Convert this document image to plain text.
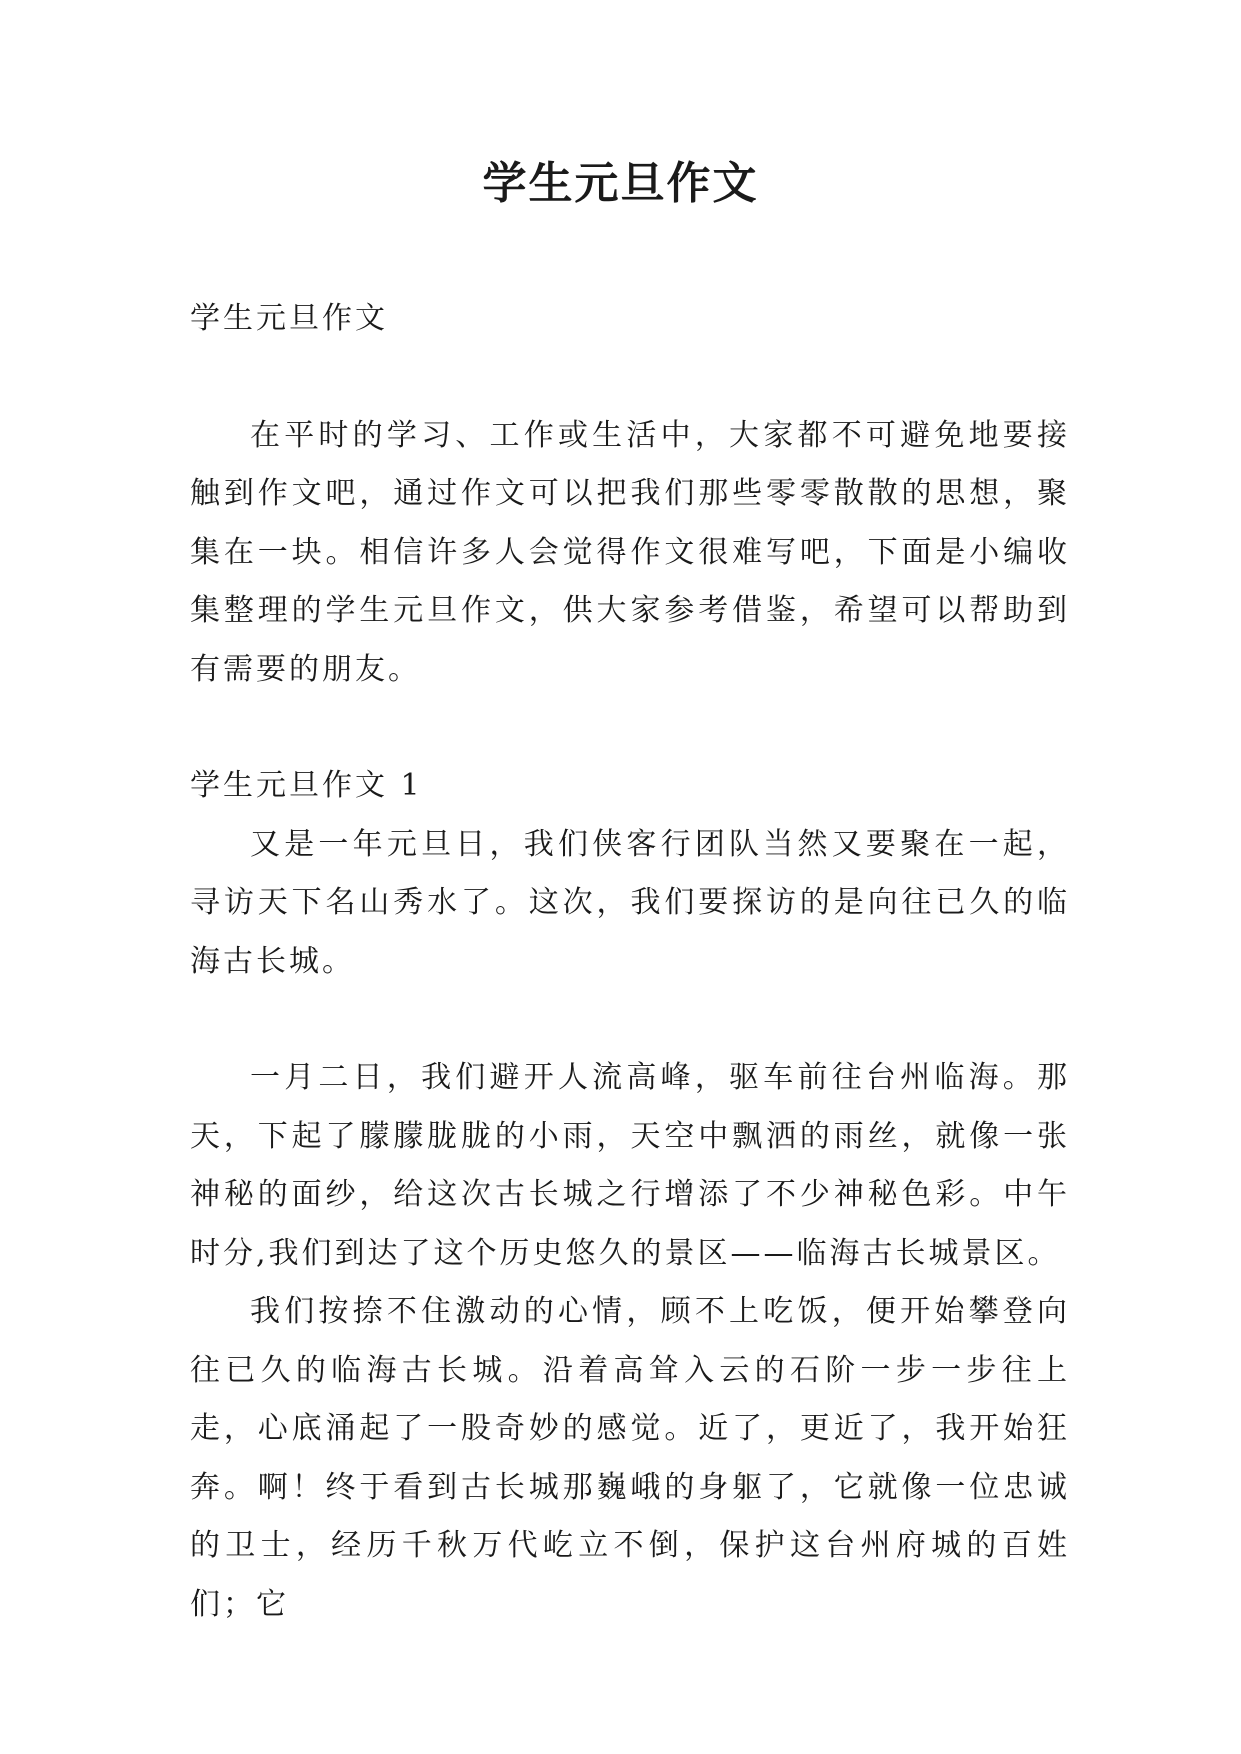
学生元旦作文

学生元旦作文

在平时的学习、工作或生活中，大家都不可避免地要接触到作文吧，通过作文可以把我们那些零零散散的思想，聚集在一块。相信许多人会觉得作文很难写吧，下面是小编收集整理的学生元旦作文，供大家参考借鉴，希望可以帮助到有需要的朋友。

学生元旦作文 1

又是一年元旦日，我们侠客行团队当然又要聚在一起，寻访天下名山秀水了。这次，我们要探访的是向往已久的临海古长城。

一月二日，我们避开人流高峰，驱车前往台州临海。那天，下起了朦朦胧胧的小雨，天空中飘洒的雨丝，就像一张神秘的面纱，给这次古长城之行增添了不少神秘色彩。中午时分,我们到达了这个历史悠久的景区——临海古长城景区。

我们按捺不住激动的心情，顾不上吃饭，便开始攀登向往已久的临海古长城。沿着高耸入云的石阶一步一步往上走，心底涌起了一股奇妙的感觉。近了，更近了，我开始狂奔。啊！终于看到古长城那巍峨的身躯了，它就像一位忠诚的卫士，经历千秋万代屹立不倒，保护这台州府城的百姓们；它
